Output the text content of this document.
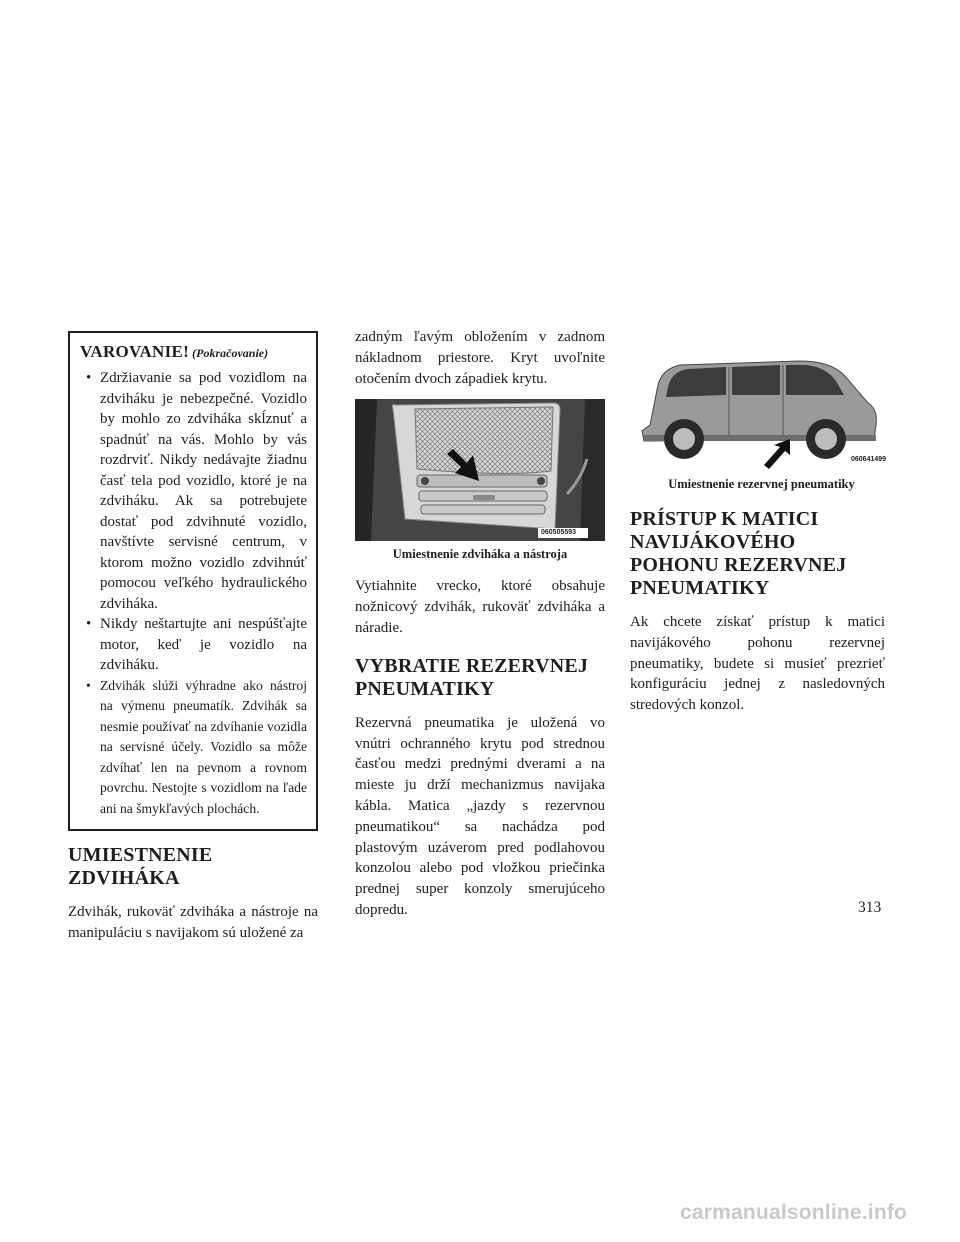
VAROVANIE! (Pokračovanie)

• Zdržiavanie sa pod vozidlom na zdviháku je nebezpečné. Vozidlo by mohlo zo zdviháka skĺznuť a spadnúť na vás. Mohlo by vás rozdrviť. Nikdy nedávajte žiadnu časť tela pod vozidlo, ktoré je na zdviháku. Ak sa potrebujete dostať pod zdvihnuté vozidlo, navštívte servisné centrum, v ktorom možno vozidlo zdvihnúť pomocou veľkého hydraulického zdviháka.

• Nikdy neštartujte ani nespúšťajte motor, keď je vozidlo na zdviháku.

• Zdvihák slúži výhradne ako nástroj na výmenu pneumatík. Zdvihák sa nesmie používať na zdvíhanie vozidla na servisné účely. Vozidlo sa môže zdvíhať len na pevnom a rovnom povrchu. Nestojte s vozidlom na ľade ani na šmykľavých plochách.

UMIESTNENIE

ZDVIHÁKA

Zdvihák, rukoväť zdviháka a nástroje na manipuláciu s navijakom sú uložené za

zadným ľavým obložením v zadnom nákladnom priestore. Kryt uvoľnite otočením dvoch západiek krytu.

060505593

Umiestnenie zdviháka a nástroja

Vytiahnite vrecko, ktoré obsahuje nožnicový zdvihák, rukoväť zdviháka a náradie.

VYBRATIE REZERVNEJ

PNEUMATIKY

Rezervná pneumatika je uložená vo vnútri ochranného krytu pod strednou časťou medzi prednými dverami a na mieste ju drží mechanizmus navijaka kábla. Matica „jazdy s rezervnou pneumatikou“ sa nachádza pod plastovým uzáverom pred podlahovou konzolou alebo pod vložkou priečinka prednej super konzoly smerujúceho dopredu.

060641499

Umiestnenie rezervnej pneumatiky

PRÍSTUP K MATICI

NAVIJÁKOVÉHO

POHONU REZERVNEJ

PNEUMATIKY

Ak chcete získať prístup k matici navijákového pohonu rezervnej pneumatiky, budete si musieť prezrieť konfiguráciu jednej z nasledovných stredových konzol.

313
carmanualsonline.info
